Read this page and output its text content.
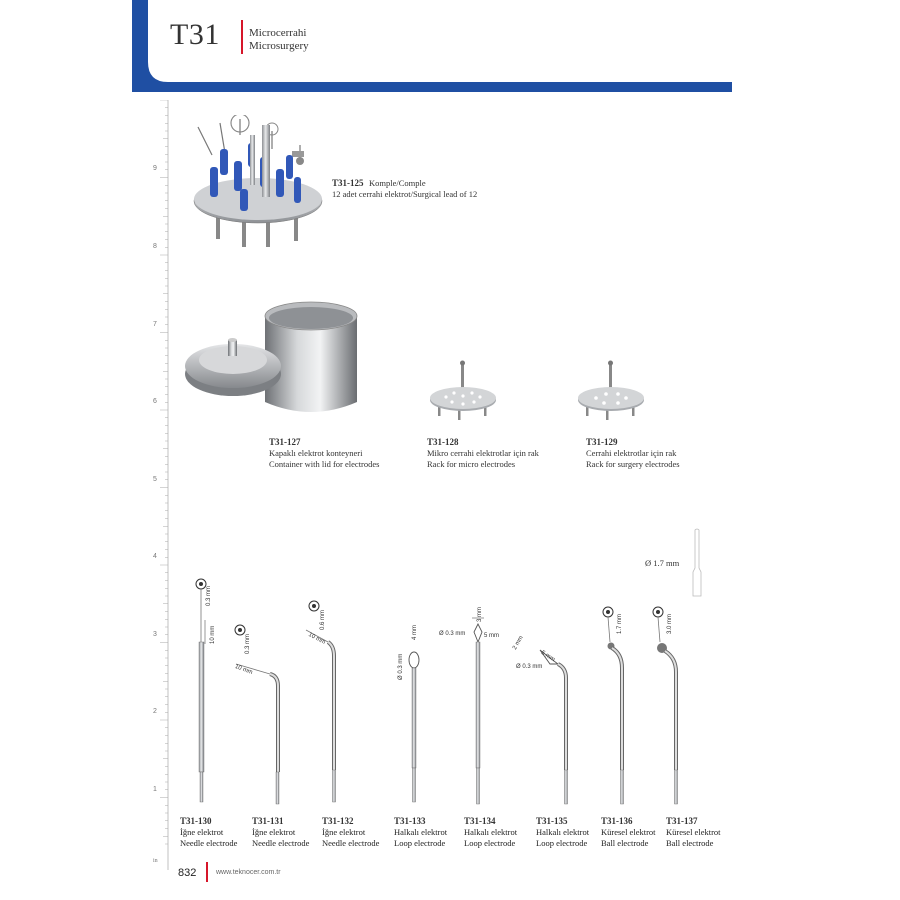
T31	Microcerrahi
Microsurgery
9
8
7
6
5
4
3
2
1
in
T31-125 Komple/Comple
12 adet cerrahi elektrot/Surgical lead of 12
T31-127
Kapaklı elektrot konteyneri
Container with lid for electrodes
T31-128
Mikro cerrahi elektrotlar için rak
Rack for micro electrodes
T31-129
Cerrahi elektrotlar için rak
Rack for surgery electrodes
Ø 1.7 mm
0.3 mm
10 mm	0.3 mm
10 mm
0.6 mm
10 mm
Ø 0.3 mm
4 mm	Ø 0.3 mm
3 mm
5 mm 2 mm
5 mm
Ø 0.3 mm
1.7 mm	3.0 mm
T31-130
İğne elektrot
Needle electrode
T31-131
İğne elektrot
Needle electrode
T31-132
İğne elektrot
Needle electrode
T31-133
Halkalı elektrot
Loop electrode
T31-134
Halkalı elektrot
Loop electrode
T31-135
Halkalı elektrot
Loop electrode
T31-136
Küresel elektrot
Ball electrode
T31-137
Küresel elektrot
Ball electrode
832	www.teknocer.com.tr
